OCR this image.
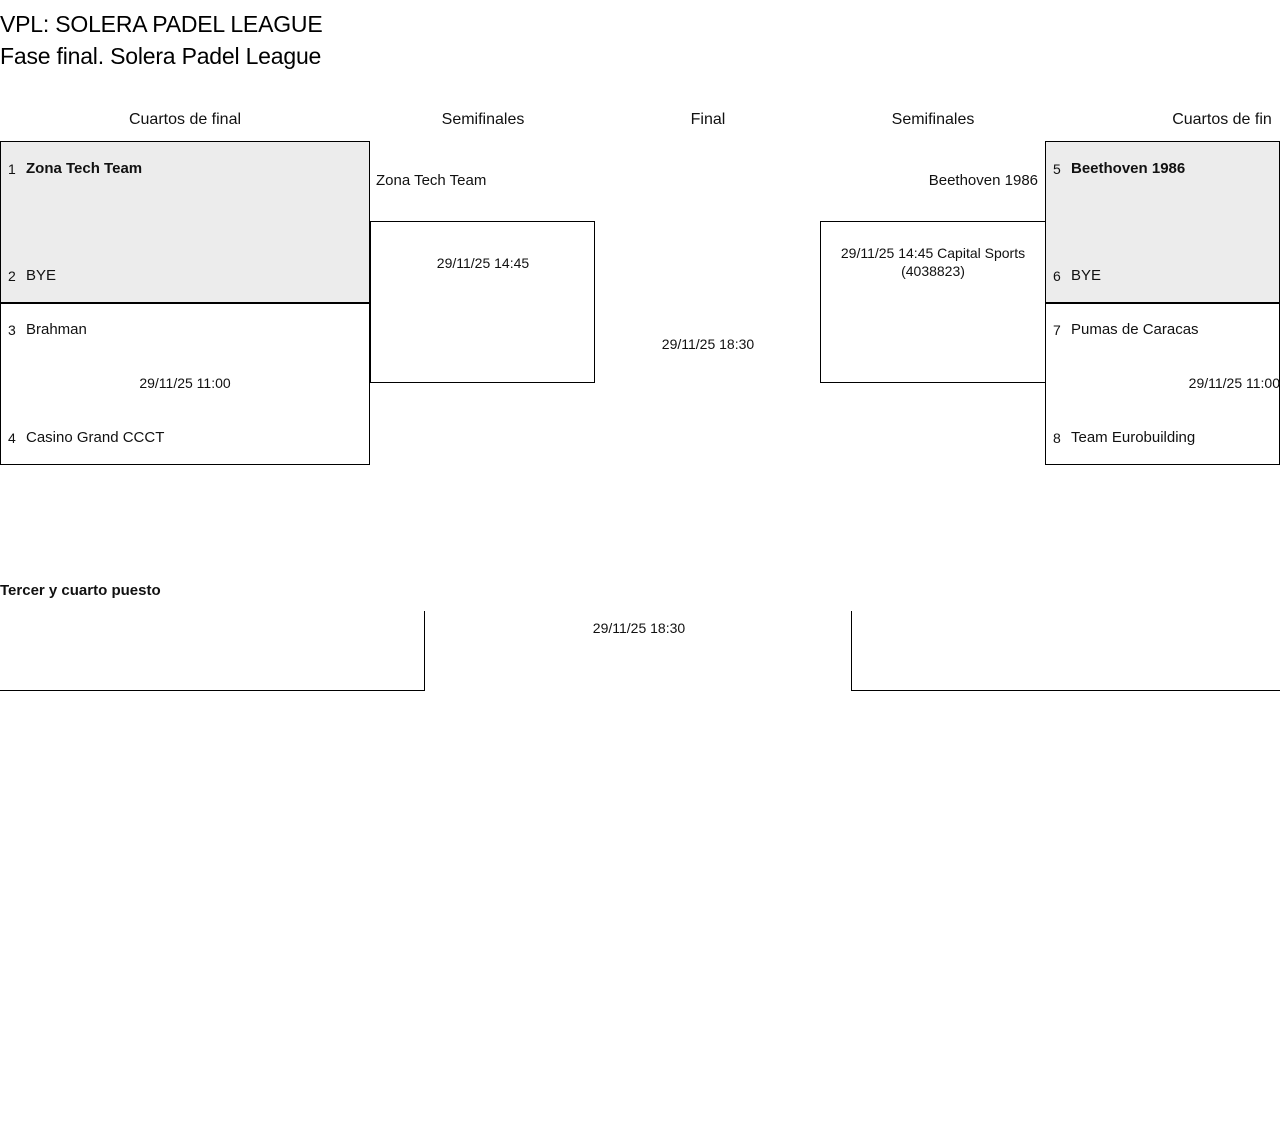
VPL: SOLERA PADEL LEAGUE
Fase final. Solera Padel League
Cuartos de final	Semifinales	Final	Semifinales	Cuartos de fin
1 Zona Tech Team
2 BYE
3 Brahman
29/11/25 11:00
4 Casino Grand CCCT
Zona Tech Team
29/11/25 14:45
29/11/25 18:30
5 Beethoven 1986
6 BYE
7 Pumas de Caracas
29/11/25 11:00
8 Team Eurobuilding
Beethoven 1986
29/11/25 14:45 Capital Sports (4038823)
Tercer y cuarto puesto
29/11/25 18:30
